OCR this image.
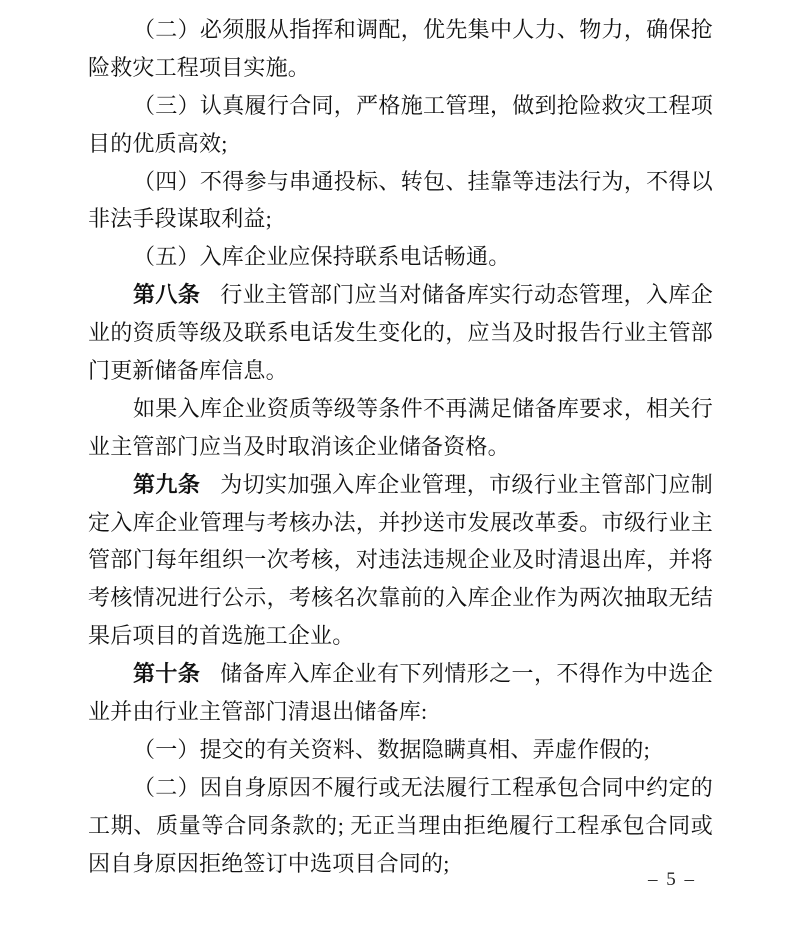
（二）必须服从指挥和调配，优先集中人力、物力，确保抢
险救灾工程项目实施。
（三）认真履行合同，严格施工管理，做到抢险救灾工程项
目的优质高效;
（四）不得参与串通投标、转包、挂靠等违法行为，不得以
非法手段谋取利益;
（五）入库企业应保持联系电话畅通。
第八条 行业主管部门应当对储备库实行动态管理，入库企
业的资质等级及联系电话发生变化的，应当及时报告行业主管部
门更新储备库信息。
如果入库企业资质等级等条件不再满足储备库要求，相关行
业主管部门应当及时取消该企业储备资格。
第九条 为切实加强入库企业管理，市级行业主管部门应制
定入库企业管理与考核办法，并抄送市发展改革委。市级行业主
管部门每年组织一次考核，对违法违规企业及时清退出库，并将
考核情况进行公示，考核名次靠前的入库企业作为两次抽取无结
果后项目的首选施工企业。
第十条 储备库入库企业有下列情形之一，不得作为中选企
业并由行业主管部门清退出储备库:
（一）提交的有关资料、数据隐瞒真相、弄虚作假的;
（二）因自身原因不履行或无法履行工程承包合同中约定的
工期、质量等合同条款的; 无正当理由拒绝履行工程承包合同或
因自身原因拒绝签订中选项目合同的;
– 5 –
